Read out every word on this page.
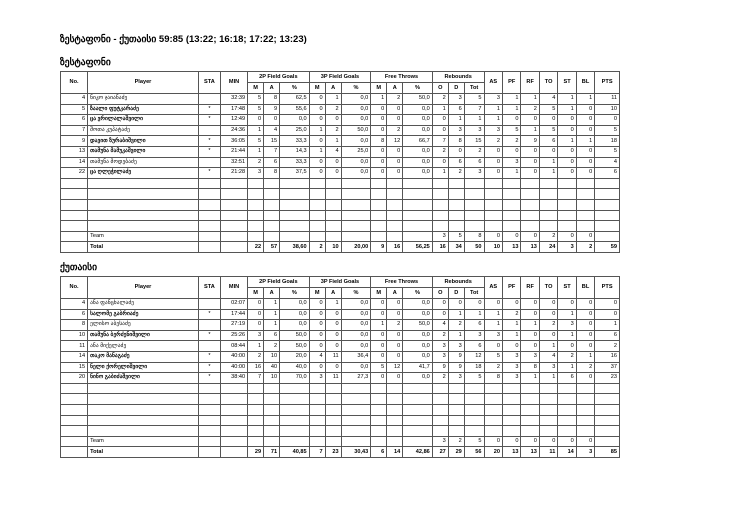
ზესტაფონი - ქუთაისი 59:85 (13:22; 16:18; 17:22; 13:23)
ზესტაფონი
No.	Player	STA	MIN	2P Field Goals			3P Field Goals			Free Throws			Rebounds			AS	PF	RF	TO	ST	BL	PTS
				M	A	%	M	A	%	M	A	%	O	D	Tot							
4	ნიკო ჯაიანაძე		32:39	5	8	62,5	0	1	0,0	1	2	50,0	2	3	5	3	1	1	4	1	1	11
5	ზაალი ფუტკარაძე	*	17:48	5	9	55,6	0	2	0,0	0	0	0,0	1	6	7	1	1	2	5	1	0	10
6	ცა ვრილალაშვილი	*	12:49	0	0	0,0	0	0	0,0	0	0	0,0	0	1	1	1	0	0	0	0	0	0
7	შოთა კუპატაძე		24:36	1	4	25,0	1	2	50,0	0	2	0,0	0	3	3	3	5	1	5	0	0	5
9	დავით ზურაბიშვილი	*	36:05	5	15	33,3	0	1	0,0	8	12	66,7	7	8	15	2	2	9	6	1	1	18
13	თამუნა მამუკაშვილი	*	21:44	1	7	14,3	1	4	25,0	0	0	0,0	2	0	2	0	0	0	0	0	0	5
14	თამუნა მოდებაძე		32:51	2	6	33,3	0	0	0,0	0	0	0,0	0	6	6	0	3	0	1	0	0	4
22	ცა ღლეჭილაძე	*	21:28	3	8	37,5	0	0	0,0	0	0	0,0	1	2	3	0	1	0	1	0	0	6

	Team												3	5	8	0	0	0	2	0	0	
	Total			22	57	38,60	2	10	20,00	9	16	56,25	16	34	50	10	13	13	24	3	2	59
ქუთაისი
No.	Player	STA	MIN	2P Field Goals			3P Field Goals			Free Throws			Rebounds			AS	PF	RF	TO	ST	BL	PTS
				M	A	%	M	A	%	M	A	%	O	D	Tot							
4	ანა ფანცხალაძე		02:07	0	1	0,0	0	1	0,0	0	0	0,0	0	0	0	0	0	0	0	0	0	0
6	სალომე გაბრიაძე	*	17:44	0	1	0,0	0	0	0,0	0	0	0,0	0	1	1	1	2	0	0	1	0	0
8	ელისო აბესაძე		27:19	0	1	0,0	0	0	0,0	1	2	50,0	4	2	6	1	1	1	2	3	0	1
10	თამუნა ბერძენიშვილი	*	25:26	3	6	50,0	0	0	0,0	0	0	0,0	2	1	3	3	1	0	0	1	0	6
11	ანა მიქელაძე		08:44	1	2	50,0	0	0	0,0	0	0	0,0	3	3	6	0	0	0	1	0	0	2
14	თაკო მანაგაძე	*	40:00	2	10	20,0	4	11	36,4	0	0	0,0	3	9	12	5	3	3	4	2	1	16
15	ნელი ქორელიშვილი	*	40:00	16	40	40,0	0	0	0,0	5	12	41,7	9	9	18	2	3	8	3	1	2	37
20	ნინო გაბიძაშვილი	*	38:40	7	10	70,0	3	11	27,3	0	0	0,0	2	3	5	8	3	1	1	6	0	23

	Team												3	2	5	0	0	0	0	0	0	
	Total			29	71	40,85	7	23	30,43	6	14	42,86	27	29	56	20	13	13	11	14	3	85
